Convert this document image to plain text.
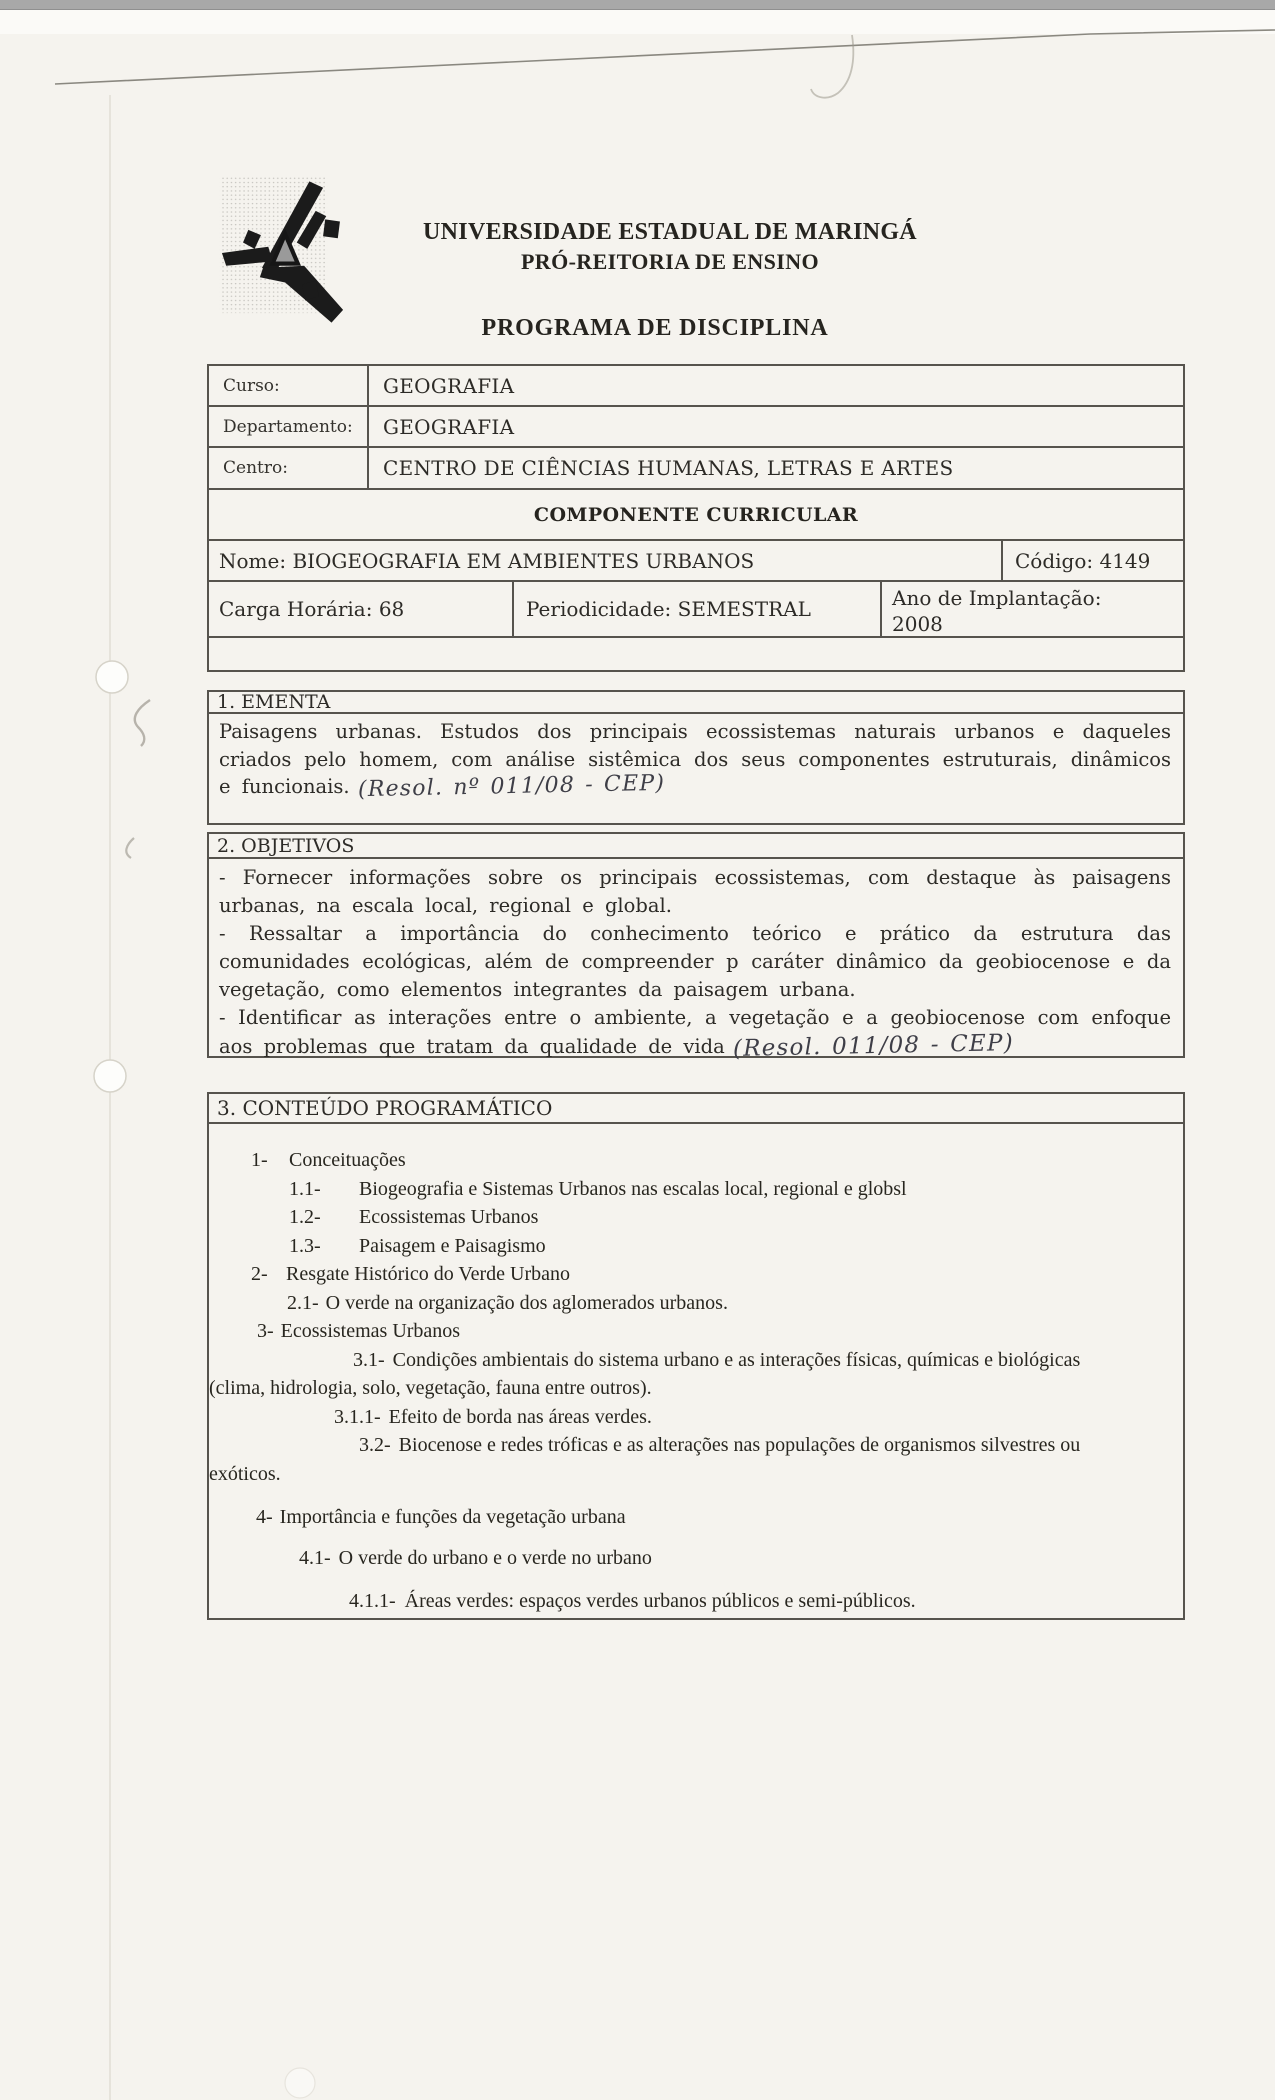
UNIVERSIDADE ESTADUAL DE MARINGÁ
PRÓ-REITORIA DE ENSINO
PROGRAMA DE DISCIPLINA
Curso:	GEOGRAFIA
Departamento:	GEOGRAFIA
Centro:	CENTRO DE CIÊNCIAS HUMANAS, LETRAS E ARTES
COMPONENTE CURRICULAR
Nome: BIOGEOGRAFIA EM AMBIENTES URBANOS	Código: 4149
Carga Horária: 68	Periodicidade: SEMESTRAL	Ano de Implantação:
2008
1. EMENTA

Paisagens urbanas. Estudos dos principais ecossistemas naturais urbanos e daqueles criados pelo homem, com análise sistêmica dos seus componentes estruturais, dinâmicos e funcionais. (Resol. nº 011/08 - CEP)

2. OBJETIVOS

- Fornecer informações sobre os principais ecossistemas, com destaque às paisagens urbanas, na escala local, regional e global.

- Ressaltar a importância do conhecimento teórico e prático da estrutura das comunidades ecológicas, além de compreender p caráter dinâmico da geobiocenose e da vegetação, como elementos integrantes da paisagem urbana.

- Identificar as interações entre o ambiente, a vegetação e a geobiocenose com enfoque aos problemas que tratam da qualidade de vida (Resol. 011/08 - CEP)

3. CONTEÚDO PROGRAMÁTICO

1- Conceituações

1.1- Biogeografia e Sistemas Urbanos nas escalas local, regional e globsl

1.2- Ecossistemas Urbanos

1.3- Paisagem e Paisagismo

2- Resgate Histórico do Verde Urbano

2.1- O verde na organização dos aglomerados urbanos.

3- Ecossistemas Urbanos

3.1- Condições ambientais do sistema urbano e as interações físicas, químicas e biológicas (clima, hidrologia, solo, vegetação, fauna entre outros).

3.1.1- Efeito de borda nas áreas verdes.

3.2- Biocenose e redes tróficas e as alterações nas populações de organismos silvestres ou exóticos.

4- Importância e funções da vegetação urbana

4.1- O verde do urbano e o verde no urbano

4.1.1- Áreas verdes: espaços verdes urbanos públicos e semi-públicos.
